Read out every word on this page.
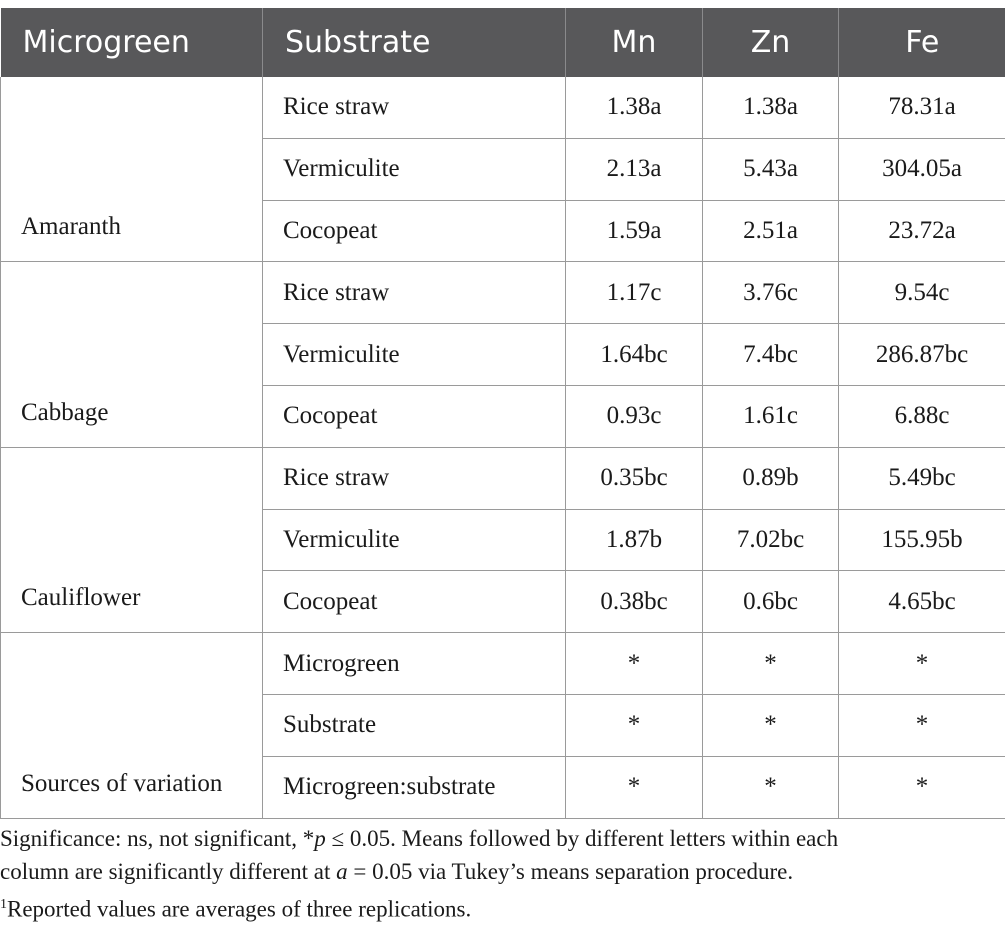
Microgreen	Substrate	Mn	Zn	Fe
Amaranth	Rice straw	1.38a	1.38a	78.31a
	Vermiculite	2.13a	5.43a	304.05a
	Cocopeat	1.59a	2.51a	23.72a
Cabbage	Rice straw	1.17c	3.76c	9.54c
	Vermiculite	1.64bc	7.4bc	286.87bc
	Cocopeat	0.93c	1.61c	6.88c
Cauliflower	Rice straw	0.35bc	0.89b	5.49bc
	Vermiculite	1.87b	7.02bc	155.95b
	Cocopeat	0.38bc	0.6bc	4.65bc
Sources of variation	Microgreen	*	*	*
	Substrate	*	*	*
	Microgreen:substrate	*	*	*

Significance: ns, not significant, *p ≤ 0.05. Means followed by different letters within each

column are significantly different at a = 0.05 via Tukey’s means separation procedure.

$^1$Reported values are averages of three replications.
